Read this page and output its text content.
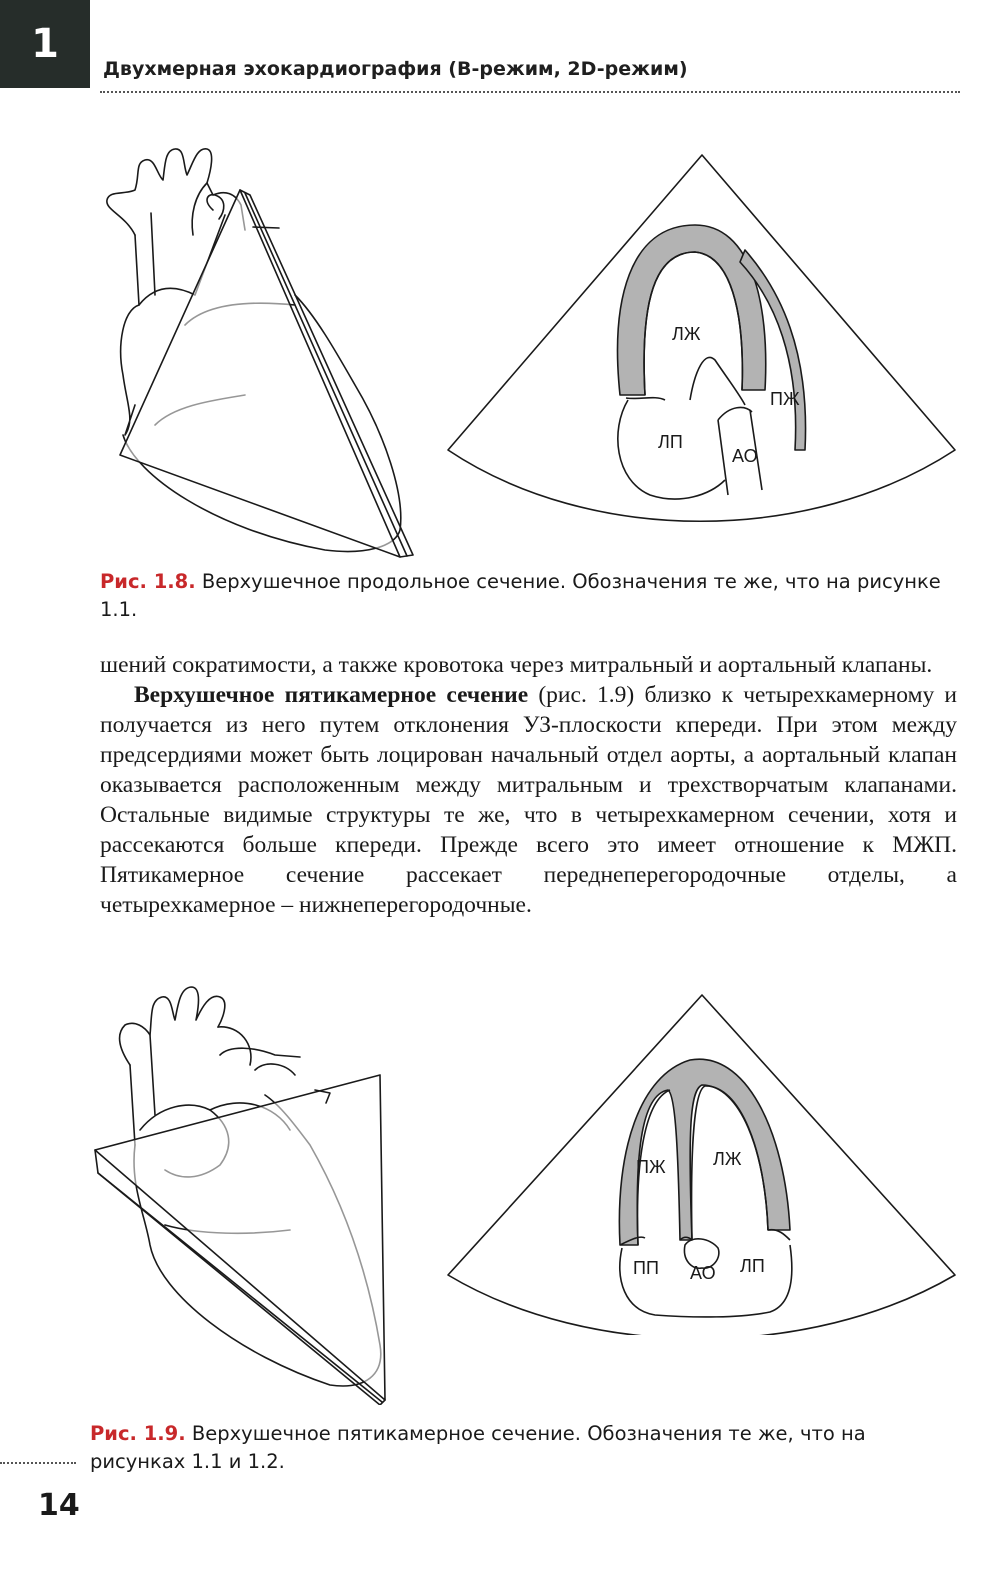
1
Двухмерная эхокардиография (B-режим, 2D-режим)
ЛЖ
ПЖ
ЛП
АО
Рис. 1.8. Верхушечное продольное сечение. Обозначения те же, что на рисунке 1.1.

шений сократимости, а также кровотока через митральный и аортальный клапаны.

Верхушечное пятикамерное сечение (рис. 1.9) близко к четырехкамерному и получается из него путем отклонения УЗ-плоскости кпереди. При этом между предсердиями может быть лоцирован начальный отдел аорты, а аортальный клапан оказывается расположенным между митральным и трехстворчатым клапанами. Остальные видимые структуры те же, что в четырехкамерном сечении, хотя и рассекаются больше кпереди. Прежде всего это имеет отношение к МЖП. Пятикамерное сечение рассекает переднеперегородочные отделы, а четырехкамерное – нижнеперегородочные.

ПЖ	ЛЖ
ПП АО ЛП
Рис. 1.9. Верхушечное пятикамерное сечение. Обозначения те же, что на рисунках 1.1 и 1.2.
14
